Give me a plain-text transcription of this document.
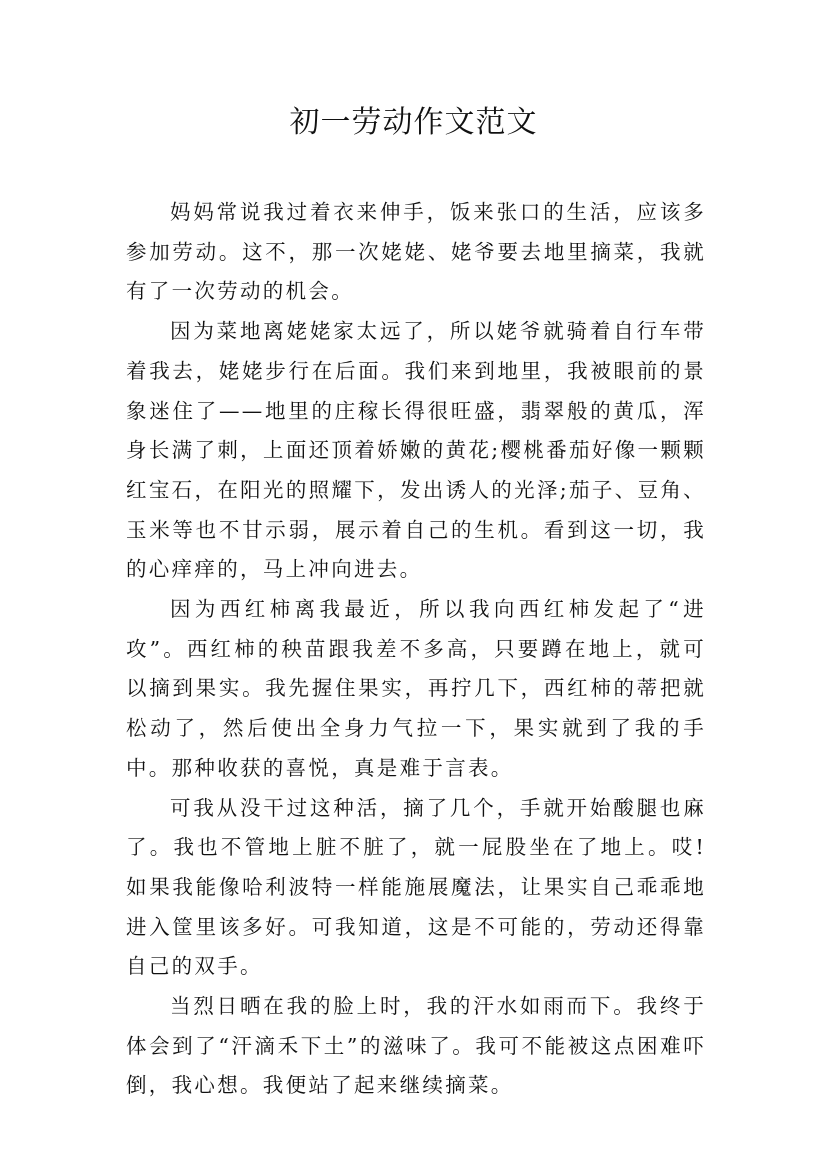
初一劳动作文范文

妈妈常说我过着衣来伸手，饭来张口的生活，应该多参加劳动。这不，那一次姥姥、姥爷要去地里摘菜，我就有了一次劳动的机会。

因为菜地离姥姥家太远了，所以姥爷就骑着自行车带着我去，姥姥步行在后面。我们来到地里，我被眼前的景象迷住了——地里的庄稼长得很旺盛，翡翠般的黄瓜，浑身长满了刺，上面还顶着娇嫩的黄花;樱桃番茄好像一颗颗红宝石，在阳光的照耀下，发出诱人的光泽;茄子、豆角、玉米等也不甘示弱，展示着自己的生机。看到这一切，我的心痒痒的，马上冲向进去。

因为西红柿离我最近，所以我向西红柿发起了“进攻”。西红柿的秧苗跟我差不多高，只要蹲在地上，就可以摘到果实。我先握住果实，再拧几下，西红柿的蒂把就松动了，然后使出全身力气拉一下，果实就到了我的手中。那种收获的喜悦，真是难于言表。

可我从没干过这种活，摘了几个，手就开始酸腿也麻了。我也不管地上脏不脏了，就一屁股坐在了地上。哎!如果我能像哈利波特一样能施展魔法，让果实自己乖乖地进入筐里该多好。可我知道，这是不可能的，劳动还得靠自己的双手。

当烈日晒在我的脸上时，我的汗水如雨而下。我终于体会到了“汗滴禾下土”的滋味了。我可不能被这点困难吓倒，我心想。我便站了起来继续摘菜。
